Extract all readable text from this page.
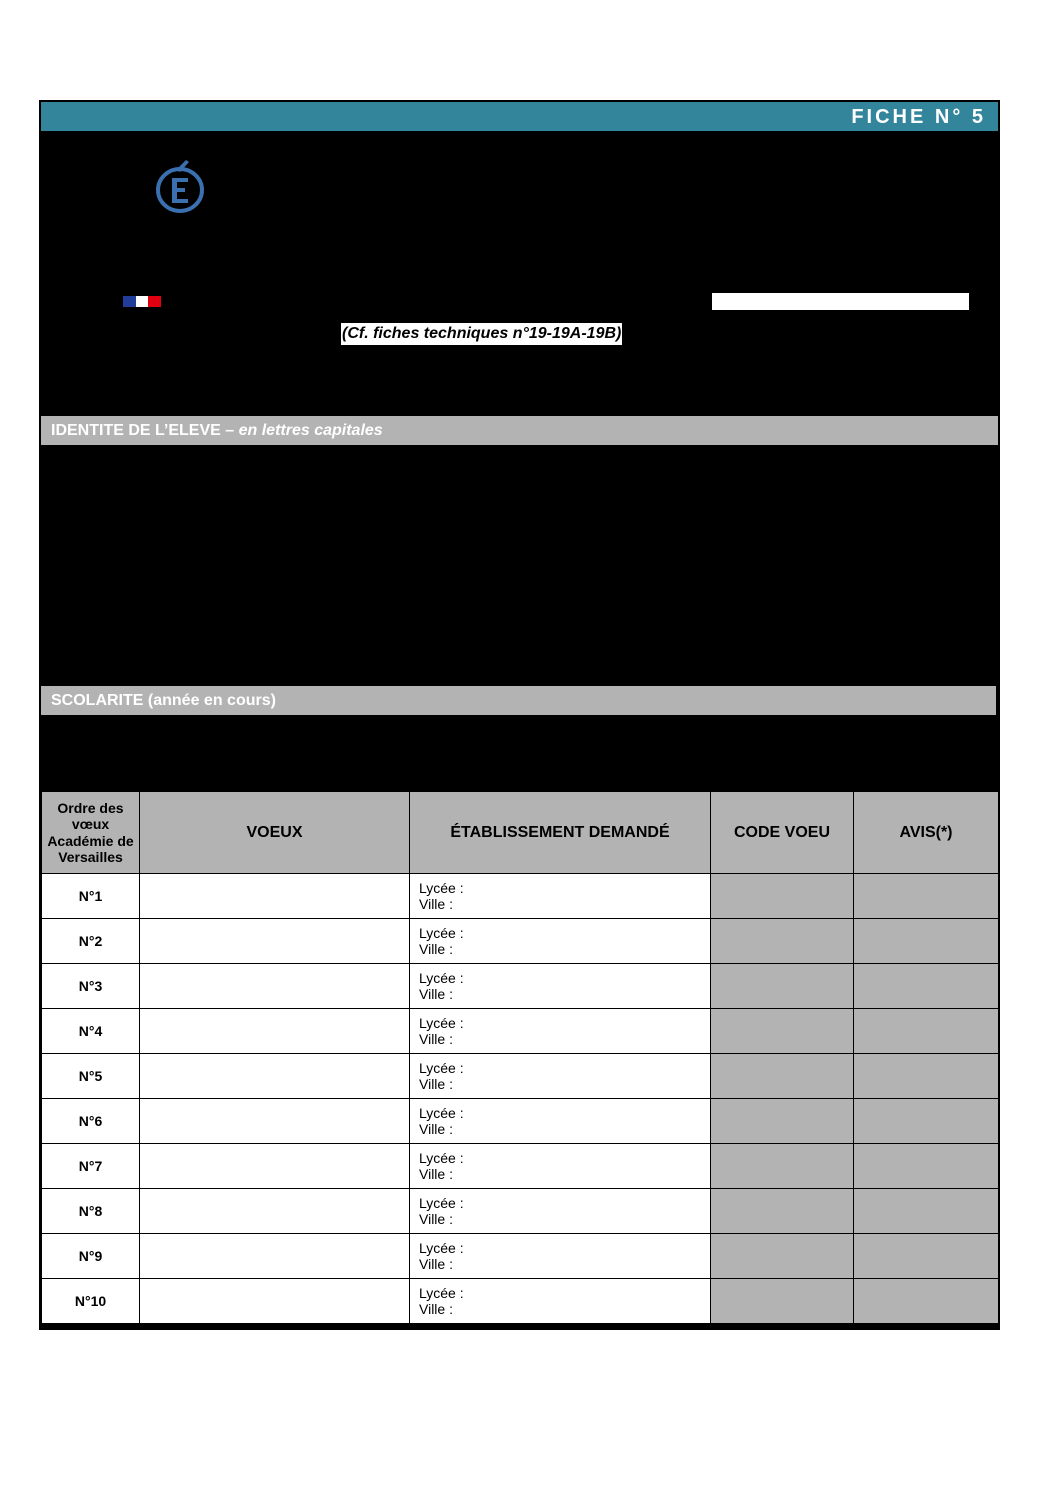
FICHE N° 5
(Cf. fiches techniques n°19-19A-19B)
IDENTITE DE L’ELEVE – en lettres capitales
SCOLARITE (année en cours)
Ordre des vœux Académie de Versailles	VOEUX	ÉTABLISSEMENT DEMANDÉ	CODE VOEU	AVIS(*)
N°1		Lycée :
Ville :		

N°2		Lycée :
Ville :		

N°3		Lycée :
Ville :		

N°4		Lycée :
Ville :		

N°5		Lycée :
Ville :		

N°6		Lycée :
Ville :		

N°7		Lycée :
Ville :		

N°8		Lycée :
Ville :		

N°9		Lycée :
Ville :		

N°10		Lycée :
Ville :		
